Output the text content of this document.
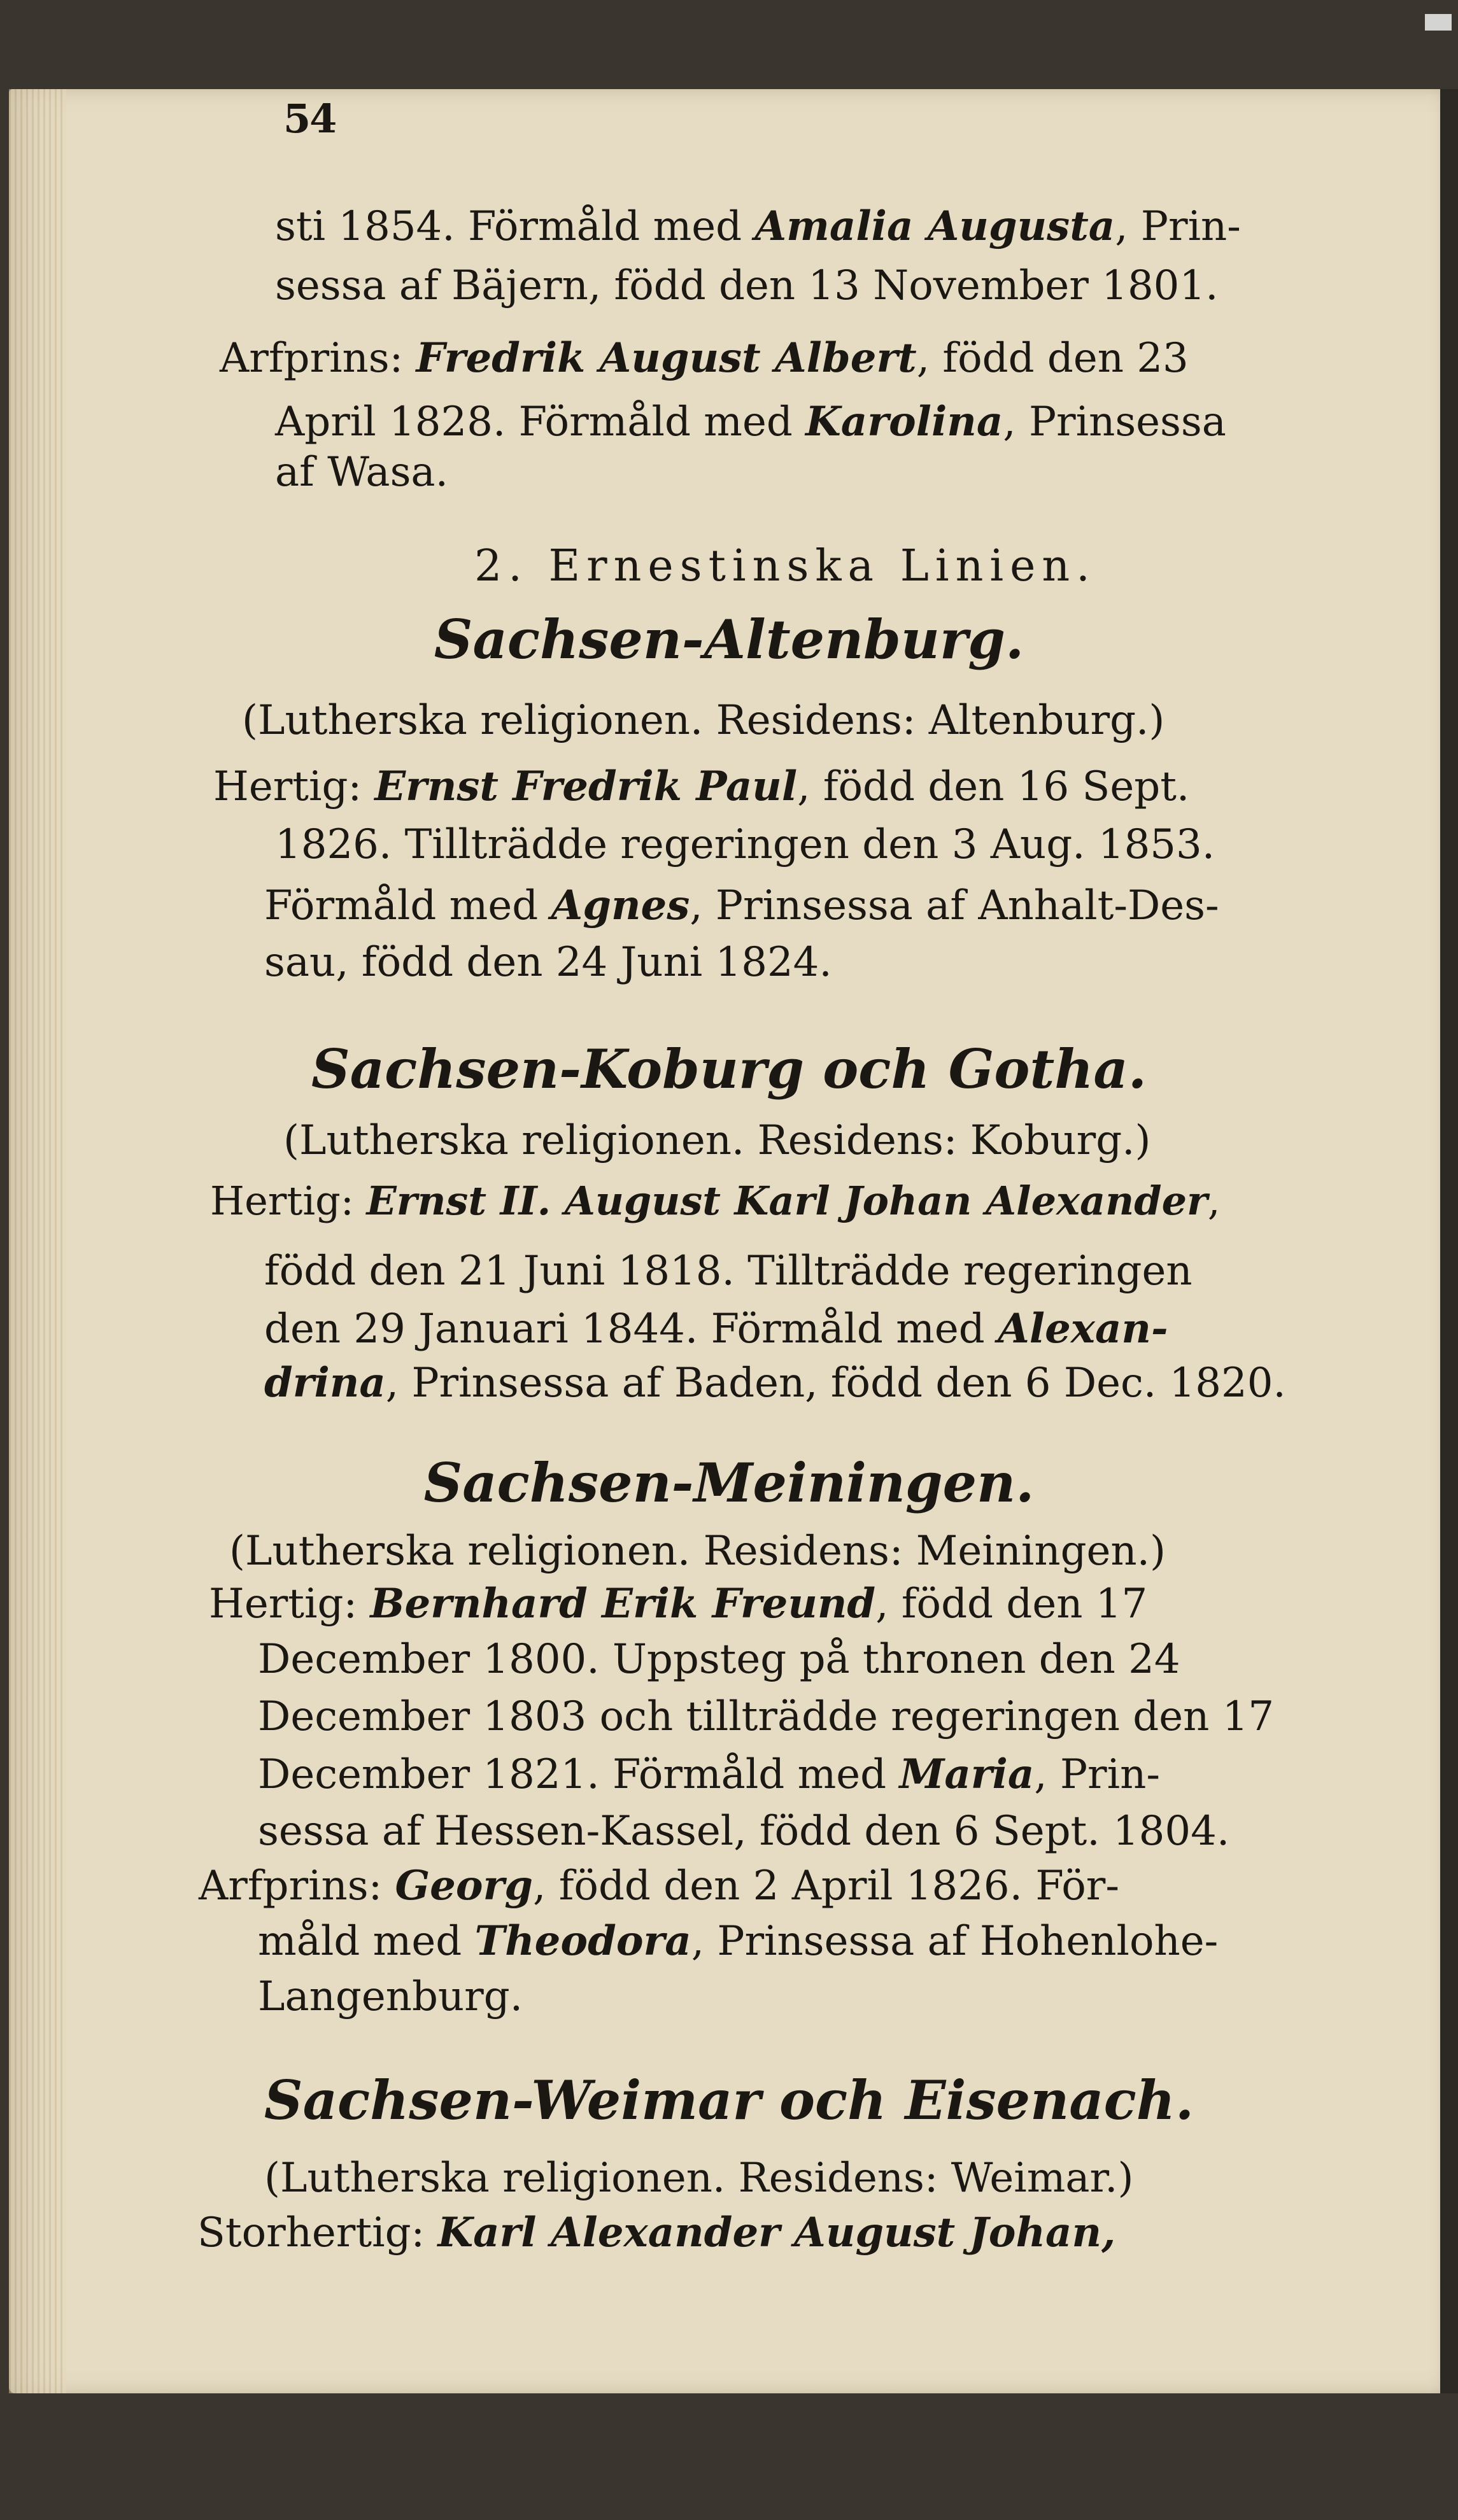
54
sti 1854. Förmåld med Amalia Augusta, Prin-
sessa af Bäjern, född den 13 November 1801.
Arfprins: Fredrik August Albert, född den 23
April 1828. Förmåld med Karolina, Prinsessa
af Wasa.
2. Ernestinska Linien.
Sachsen-Altenburg.
(Lutherska religionen. Residens: Altenburg.)
Hertig: Ernst Fredrik Paul, född den 16 Sept.
1826. Tillträdde regeringen den 3 Aug. 1853.
Förmåld med Agnes, Prinsessa af Anhalt-Des-
sau, född den 24 Juni 1824.
Sachsen-Koburg och Gotha.
(Lutherska religionen. Residens: Koburg.)
Hertig: Ernst II. August Karl Johan Alexander,
född den 21 Juni 1818. Tillträdde regeringen
den 29 Januari 1844. Förmåld med Alexan-
drina, Prinsessa af Baden, född den 6 Dec. 1820.
Sachsen-Meiningen.
(Lutherska religionen. Residens: Meiningen.)
Hertig: Bernhard Erik Freund, född den 17
December 1800. Uppsteg på thronen den 24
December 1803 och tillträdde regeringen den 17
December 1821. Förmåld med Maria, Prin-
sessa af Hessen-Kassel, född den 6 Sept. 1804.
Arfprins: Georg, född den 2 April 1826. För-
måld med Theodora, Prinsessa af Hohenlohe-
Langenburg.
Sachsen-Weimar och Eisenach.
(Lutherska religionen. Residens: Weimar.)
Storhertig: Karl Alexander August Johan,
